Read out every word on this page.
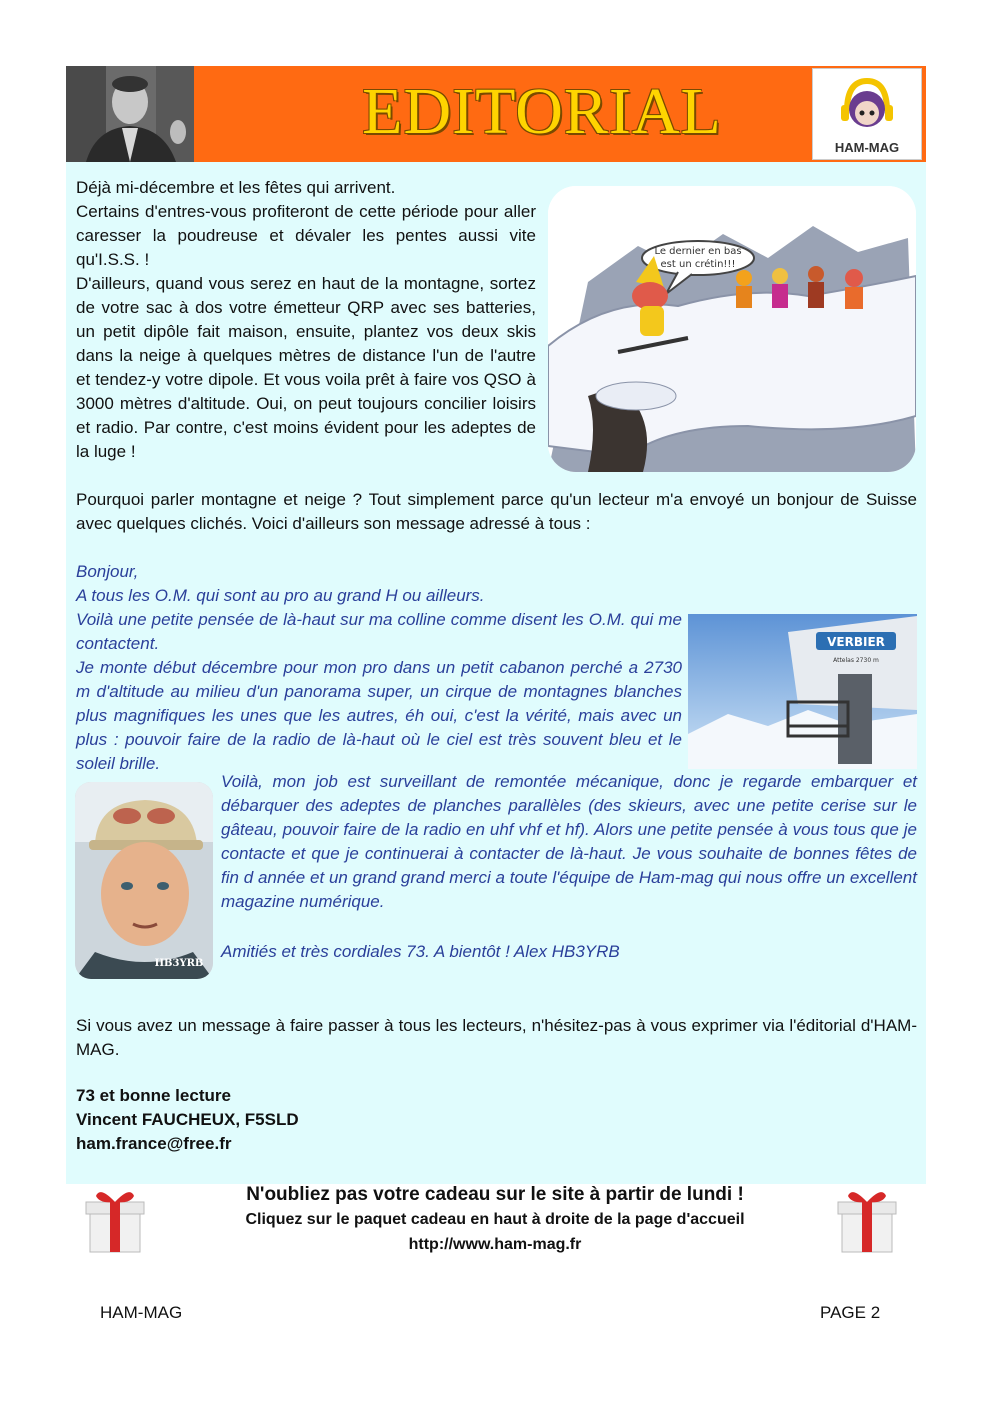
EDITORIAL	HAM-MAG
Le dernier en bas
est un crétin!!!
Déjà mi-décembre et les fêtes qui arrivent.
Certains d'entres-vous profiteront de cette période pour aller caresser la poudreuse et dévaler les pentes aussi vite qu'I.S.S. !
D'ailleurs, quand vous serez en haut de la montagne, sortez de votre sac à dos votre émetteur QRP avec ses batteries, un petit dipôle fait maison, ensuite, plantez vos deux skis dans la neige à quelques mètres de distance l'un de l'autre et tendez-y votre dipole. Et vous voila prêt à faire vos QSO à 3000 mètres d'altitude. Oui, on peut toujours concilier loisirs et radio. Par contre, c'est moins évident pour les adeptes de la luge !
Pourquoi parler montagne et neige ? Tout simplement parce qu'un lecteur m'a envoyé un bonjour de Suisse avec quelques clichés. Voici d'ailleurs son message adressé à tous :
Bonjour,
A tous les O.M. qui sont au pro au grand H ou ailleurs.
Voilà une petite pensée de là-haut sur ma colline comme disent les O.M. qui me contactent.
Je monte début décembre pour mon pro dans un petit cabanon perché a 2730 m d'altitude au milieu d'un panorama super, un cirque de montagnes blanches plus magnifiques les unes que les autres, éh oui, c'est la vérité, mais avec un plus : pouvoir faire de la radio de là-haut où le ciel est très souvent bleu et le soleil brille.
VERBIER
Attelas 2730 m
Voilà, mon job est surveillant de remontée mécanique, donc je regarde embarquer et débarquer des adeptes de planches parallèles (des skieurs, avec une petite cerise sur le gâteau, pouvoir faire de la radio en uhf vhf et hf). Alors une petite pensée à vous tous que je contacte et que je continuerai à contacter de là-haut. Je vous souhaite de bonnes fêtes de fin d année et un grand grand merci a toute l'équipe de Ham-mag qui nous offre un excellent magazine numérique.
Amitiés et très cordiales 73. A bientôt ! Alex HB3YRB
HB3YRB
Si vous avez un message à faire passer à tous les lecteurs, n'hésitez-pas à vous exprimer via l'éditorial d'HAM-MAG.
73 et bonne lecture
Vincent FAUCHEUX, F5SLD
ham.france@free.fr
N'oubliez pas votre cadeau sur le site à partir de lundi !
Cliquez sur le paquet cadeau en haut à droite de la page d'accueil
http://www.ham-mag.fr
HAM-MAG	PAGE 2
